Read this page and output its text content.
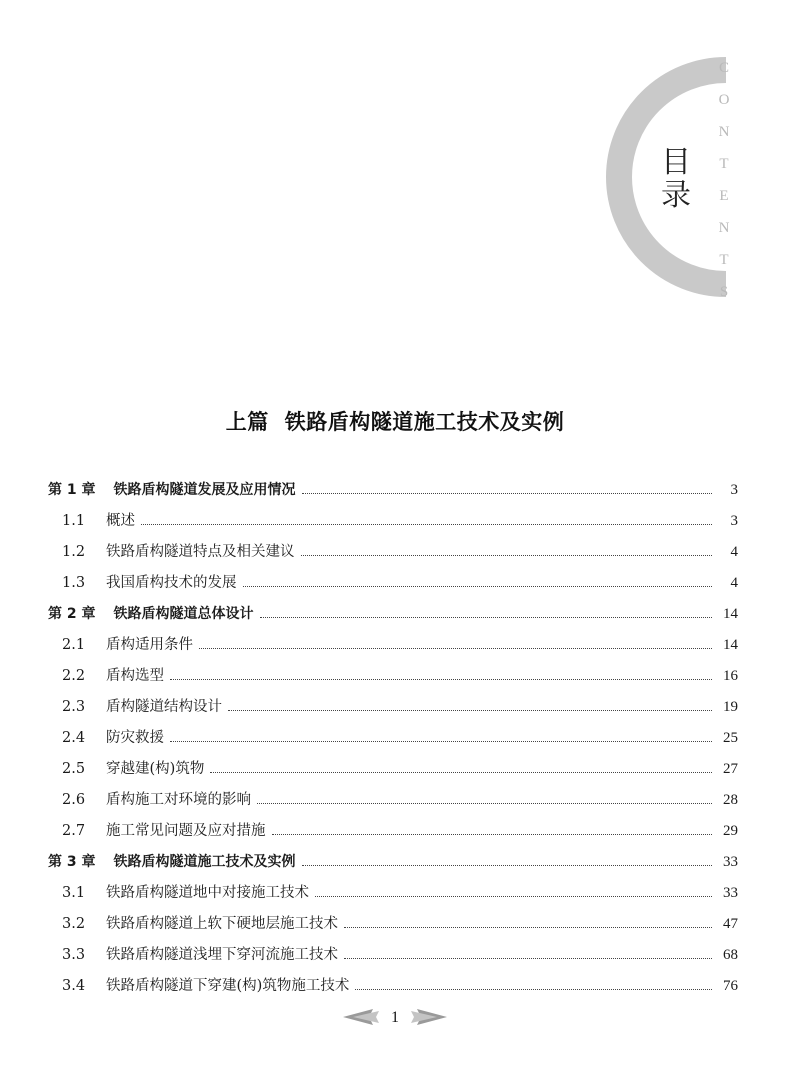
C
O
N
T
E
N
T
S
目
录
上篇 铁路盾构隧道施工技术及实例
第 1 章 铁路盾构隧道发展及应用情况	3
1.1	概述	3
1.2	铁路盾构隧道特点及相关建议	4
1.3	我国盾构技术的发展	4
第 2 章 铁路盾构隧道总体设计	14
2.1	盾构适用条件	14
2.2	盾构选型	16
2.3	盾构隧道结构设计	19
2.4	防灾救援	25
2.5	穿越建(构)筑物	27
2.6	盾构施工对环境的影响	28
2.7	施工常见问题及应对措施	29
第 3 章 铁路盾构隧道施工技术及实例	33
3.1	铁路盾构隧道地中对接施工技术	33
3.2	铁路盾构隧道上软下硬地层施工技术	47
3.3	铁路盾构隧道浅埋下穿河流施工技术	68
3.4	铁路盾构隧道下穿建(构)筑物施工技术	76
1
